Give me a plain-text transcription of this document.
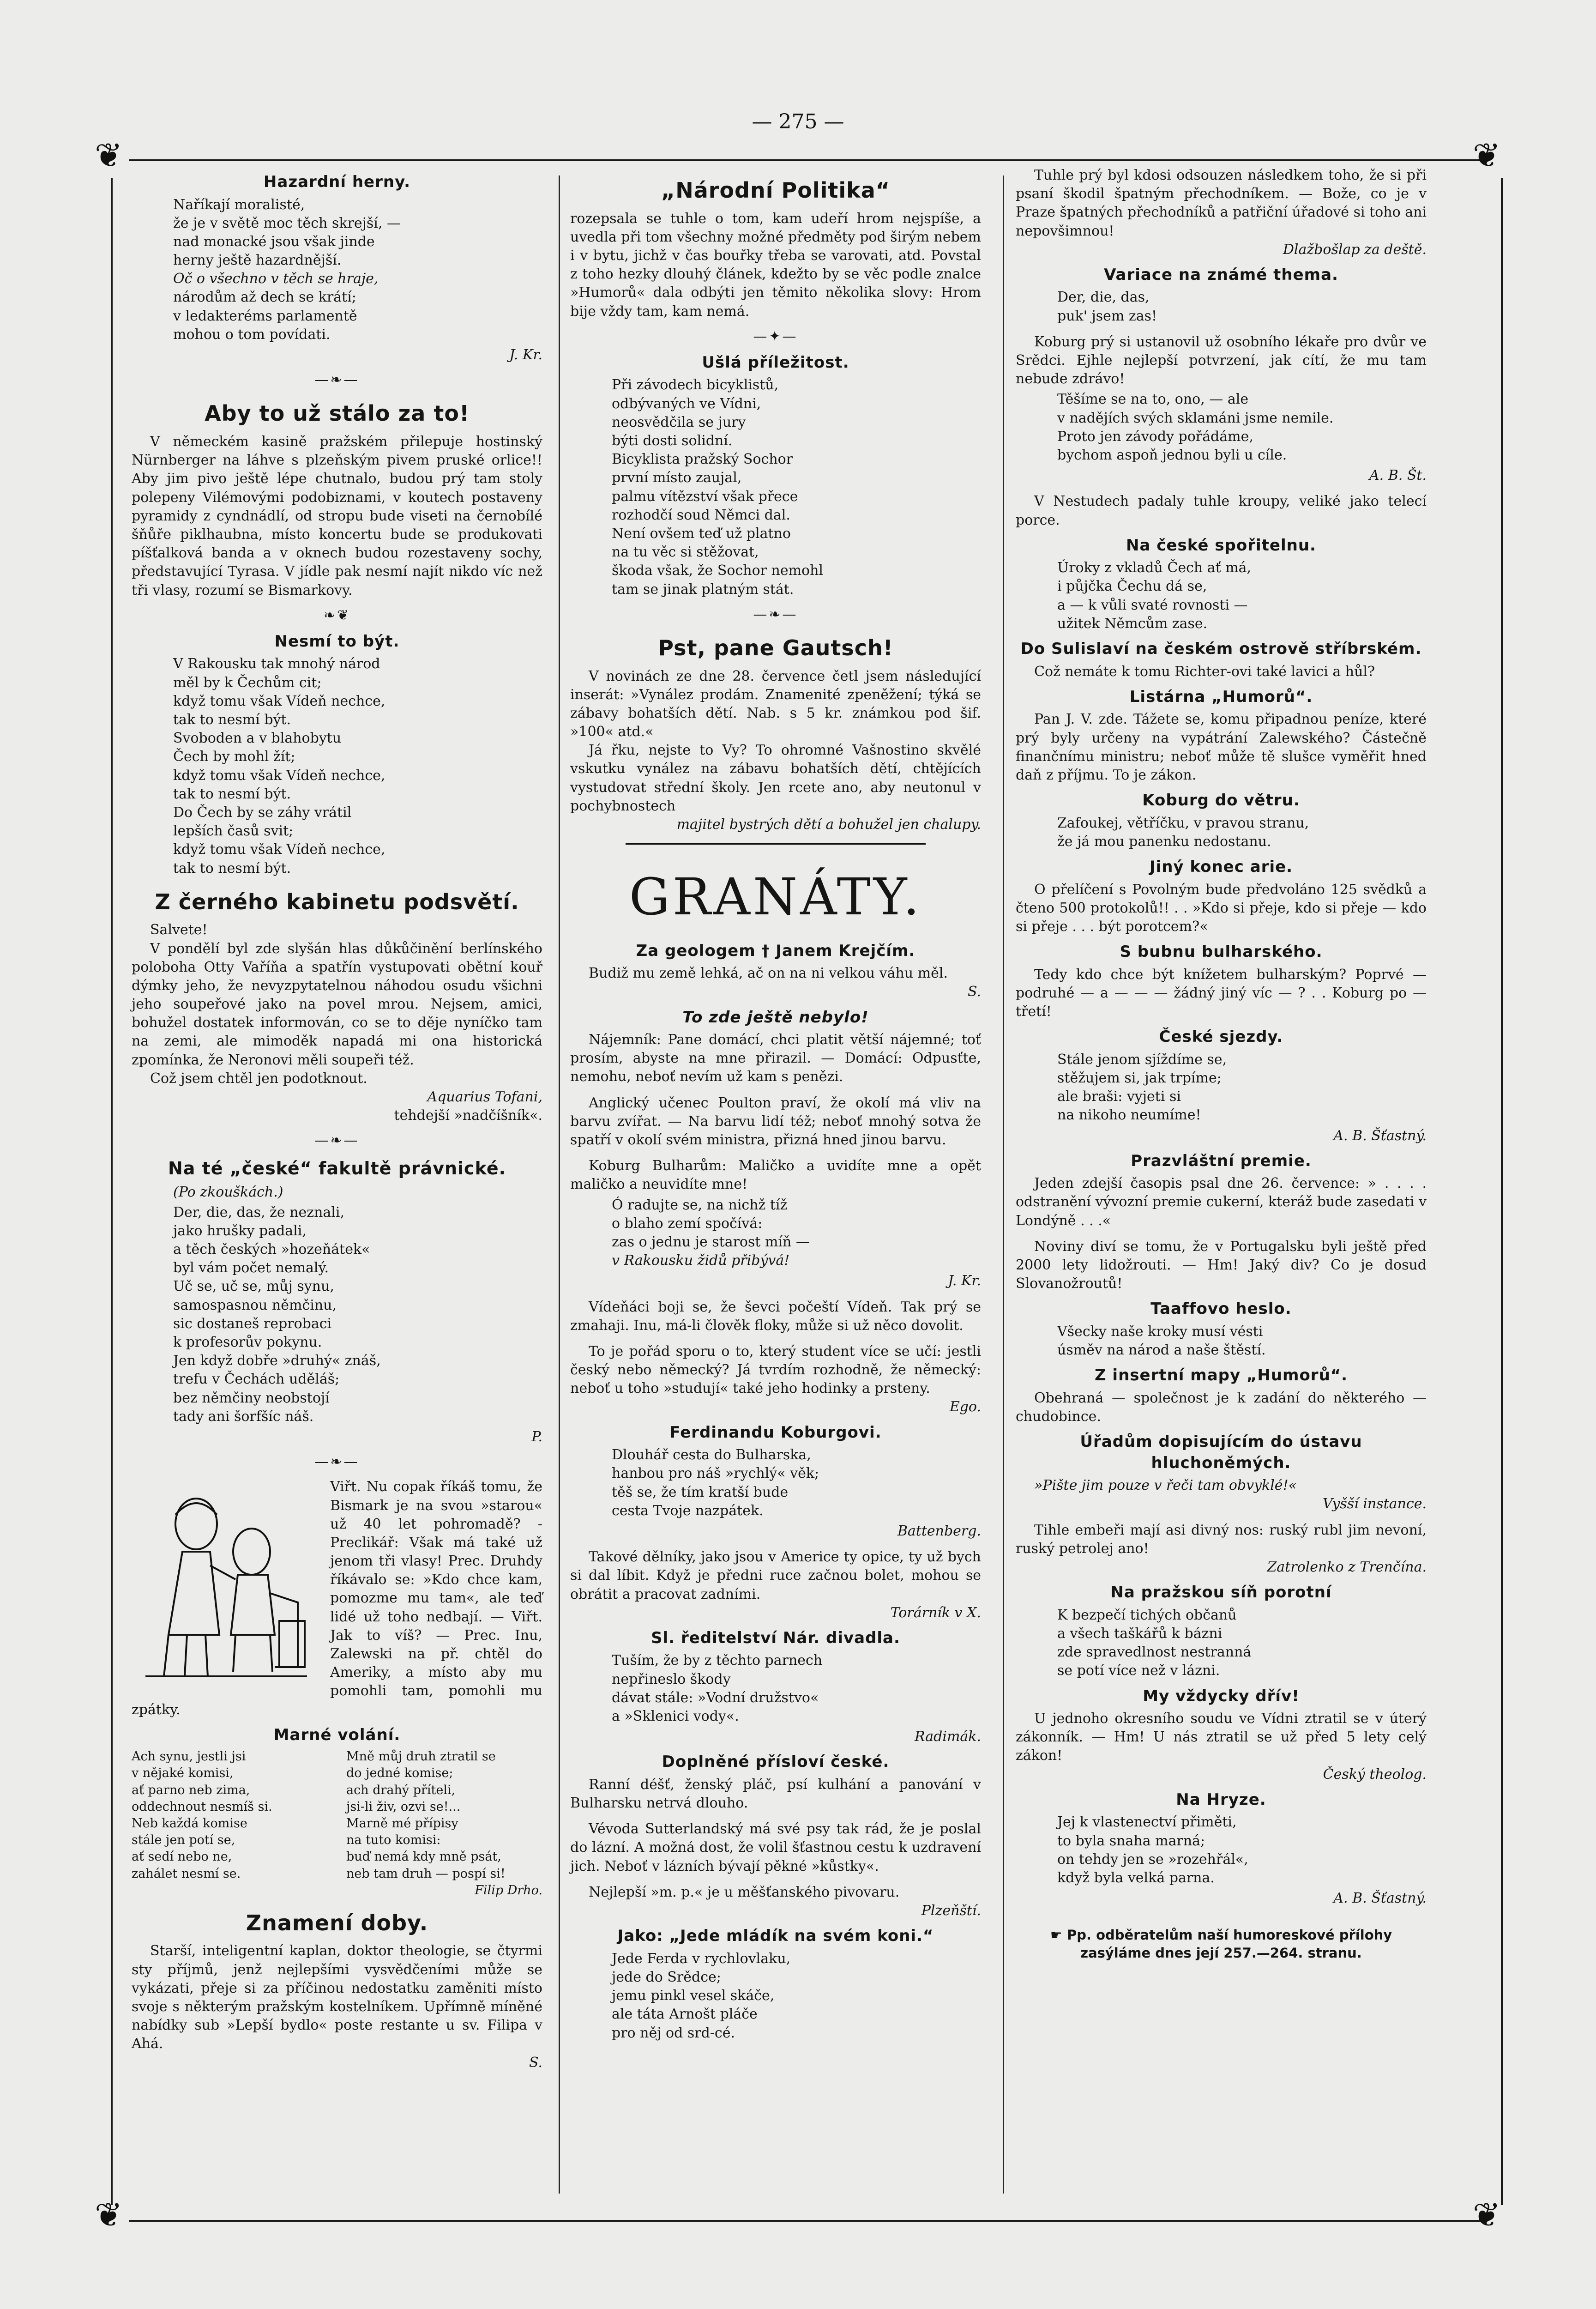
— 275 —
❦	❦
❦	❦
Hazardní herny.
Naříkají moralisté,
že je v světě moc těch skrejší, —
nad monacké jsou však jinde
herny ještě hazardnější.
Oč o všechno v těch se hraje,
národům až dech se krátí;
v ledakteréms parlamentě
mohou o tom povídati.

J. Kr.

—❧—
Aby to už stálo za to!

V německém kasině pražském přilepuje hostinský Nürnberger na láhve s plzeňským pivem pruské orlice!! Aby jim pivo ještě lépe chutnalo, budou prý tam stoly polepeny Vilémovými podobiznami, v koutech postaveny pyramidy z cyndnádlí, od stropu bude viseti na černobílé šňůře piklhaubna, místo koncertu bude se produkovati píšťalková banda a v oknech budou rozestaveny sochy, představující Tyrasa. V jídle pak nesmí najít nikdo víc než tři vlasy, rozumí se Bismarkovy.

❧❦
Nesmí to být.
V Rakousku tak mnohý národ
měl by k Čechům cit;
když tomu však Vídeň nechce,
tak to nesmí být.
Svoboden a v blahobytu
Čech by mohl žít;
když tomu však Vídeň nechce,
tak to nesmí být.
Do Čech by se záhy vrátil
lepších časů svit;
když tomu však Vídeň nechce,
tak to nesmí být.
Z černého kabinetu podsvětí.

Salvete!

V pondělí byl zde slyšán hlas důkůčinění berlínského poloboha Otty Vaříňa a spatřín vystupovati obětní kouř dýmky jeho, že nevyzpytatelnou náhodou osudu všichni jeho soupeřové jako na povel mrou. Nejsem, amici, bohužel dostatek informován, co se to děje nyníčko tam na zemi, ale mimoděk napadá mi ona historická zpomínka, že Neronovi měli soupeři též.

Což jsem chtěl jen podotknout.

Aquarius Tofani,

tehdejší »nadčíšník«.

—❧—
Na té „české“ fakultě právnické.

(Po zkouškách.)

Der, die, das, že neznali,
jako hrušky padali,
a těch českých »hozeňátek«
byl vám počet nemalý.
Uč se, uč se, můj synu,
samospasnou němčinu,
sic dostaneš reprobaci
k profesorův pokynu.
Jen když dobře »druhý« znáš,
trefu v Čechách uděláš;
bez němčiny neobstojí
tady ani šorfšíc náš.

P.

—❧—

Viřt. Nu copak říkáš tomu, že Bismark je na svou »starou« už 40 let pohromadě? - Preclikář: Však má také už jenom tři vlasy! Prec. Druhdy říkávalo se: »Kdo chce kam, pomozme mu tam«, ale teď lidé už toho nedbají. — Viřt. Jak to víš? — Prec. Inu, Zalewski na př. chtěl do Ameriky, a místo aby mu pomohli tam, pomohli mu zpátky.

Marné volání.
Ach synu, jestli jsi
v nějaké komisi,
ať parno neb zima,
oddechnout nesmíš si.
Neb každá komise
stále jen potí se,
ať sedí nebo ne,
zahálet nesmí se.
Mně můj druh ztratil se
do jedné komise;
ach drahý příteli,
jsi-li živ, ozvi se!...
Marně mé přípisy
na tuto komisi:
buď nemá kdy mně psát,
neb tam druh — pospí si!
Filip Drho.
Znamení doby.

Starší, inteligentní kaplan, doktor theologie, se čtyrmi sty příjmů, jenž nejlepšími vysvědčeními může se vykázati, přeje si za příčinou nedostatku zaměniti místo svoje s některým pražským kostelníkem. Upřímně míněné nabídky sub »Lepší bydlo« poste restante u sv. Filipa v Ahá.

S.

„Národní Politika“

rozepsala se tuhle o tom, kam udeří hrom nejspíše, a uvedla při tom všechny možné předměty pod širým nebem i v bytu, jichž v čas bouřky třeba se varovati, atd. Povstal z toho hezky dlouhý článek, kdežto by se věc podle znalce »Humorů« dala odbýti jen těmito několika slovy: Hrom bije vždy tam, kam nemá.

—✦—
Ušlá příležitost.
Při závodech bicyklistů,
odbývaných ve Vídni,
neosvědčila se jury
býti dosti solidní.
Bicyklista pražský Sochor
první místo zaujal,
palmu vítězství však přece
rozhodčí soud Němci dal.
Není ovšem teď už platno
na tu věc si stěžovat,
škoda však, že Sochor nemohl
tam se jinak platným stát.
—❧—
Pst, pane Gautsch!

V novinách ze dne 28. července četl jsem následující inserát: »Vynález prodám. Znamenité zpeněžení; týká se zábavy bohatších dětí. Nab. s 5 kr. známkou pod šif. »100« atd.«

Já řku, nejste to Vy? To ohromné Vašnostino skvělé vskutku vynález na zábavu bohatších dětí, chtějících vystudovat střední školy. Jen rcete ano, aby neutonul v pochybnostech

majitel bystrých dětí a bohužel jen chalupy.

GRANÁTY.
Za geologem † Janem Krejčím.

Budiž mu země lehká, ač on na ni velkou váhu měl.

S.

To zde ještě nebylo!

Nájemník: Pane domácí, chci platit větší nájemné; toť prosím, abyste na mne přirazil. — Domácí: Odpusťte, nemohu, neboť nevím už kam s penězi.

Anglický učenec Poulton praví, že okolí má vliv na barvu zvířat. — Na barvu lidí též; neboť mnohý sotva že spatří v okolí svém ministra, přizná hned jinou barvu.

Koburg Bulharům: Maličko a uvidíte mne a opět maličko a neuvidíte mne!

Ó radujte se, na nichž tíž
o blaho zemí spočívá:
zas o jednu je starost míň —
v Rakousku židů přibývá!

J. Kr.

Vídeňáci boji se, že ševci počeští Vídeň. Tak prý se zmahaji. Inu, má-li člověk floky, může si už něco dovolit.

To je pořád sporu o to, který student více se učí: jestli český nebo německý? Já tvrdím rozhodně, že německý: neboť u toho »studují« také jeho hodinky a prsteny.

Ego.

Ferdinandu Koburgovi.
Dlouhář cesta do Bulharska,
hanbou pro náš »rychlý« věk;
těš se, že tím kratší bude
cesta Tvoje nazpátek.

Battenberg.

Takové dělníky, jako jsou v Americe ty opice, ty už bych si dal líbit. Když je předni ruce začnou bolet, mohou se obrátit a pracovat zadními.

Torárník v X.

Sl. ředitelství Nár. divadla.
Tuším, že by z těchto parnech
nepřineslo škody
dávat stále: »Vodní družstvo«
a »Sklenici vody«.

Radimák.

Doplněné přísloví české.

Ranní déšť, ženský pláč, psí kulhání a panování v Bulharsku netrvá dlouho.

Vévoda Sutterlandský má své psy tak rád, že je poslal do lázní. A možná dost, že volil šťastnou cestu k uzdravení jich. Neboť v lázních bývají pěkné »kůstky«.

Nejlepší »m. p.« je u měšťanského pivovaru.

Plzeňští.

Jako: „Jede mládík na svém koni.“
Jede Ferda v rychlovlaku,
jede do Srědce;
jemu pinkl vesel skáče,
ale táta Arnošt pláče
pro něj od srd-cé.

Tuhle prý byl kdosi odsouzen následkem toho, že si při psaní škodil špatným přechodníkem. — Bože, co je v Praze špatných přechodníků a patřiční úřadové si toho ani nepovšimnou!

Dlažbošlap za deště.

Variace na známé thema.
Der, die, das,
puk' jsem zas!

Koburg prý si ustanovil už osobního lékaře pro dvůr ve Srědci. Ejhle nejlepší potvrzení, jak cítí, že mu tam nebude zdrávo!

Těšíme se na to, ono, — ale
v nadějích svých sklamáni jsme nemile.
Proto jen závody pořádáme,
bychom aspoň jednou byli u cíle.

A. B. Št.

V Nestudech padaly tuhle kroupy, veliké jako telecí porce.

Na české spořitelnu.
Úroky z vkladů Čech ať má,
i půjčka Čechu dá se,
a — k vůli svaté rovnosti —
užitek Němcům zase.
Do Sulislaví na českém ostrově stříbrském.

Což nemáte k tomu Richter-ovi také lavici a hůl?

Listárna „Humorů“.

Pan J. V. zde. Tážete se, komu připadnou peníze, které prý byly určeny na vypátrání Zalewského? Částečně finančnímu ministru; neboť může tě slušce vyměřit hned daň z příjmu. To je zákon.

Koburg do větru.
Zafoukej, větříčku, v pravou stranu,
že já mou panenku nedostanu.
Jiný konec arie.

O přelíčení s Povolným bude předvoláno 125 svědků a čteno 500 protokolů!! . . »Kdo si přeje, kdo si přeje — kdo si přeje . . . být porotcem?«

S bubnu bulharského.

Tedy kdo chce být knížetem bulharským? Poprvé — podruhé — a — — — žádný jiný víc — ? . . Koburg po — třetí!

České sjezdy.
Stále jenom sjíždíme se,
stěžujem si, jak trpíme;
ale braši: vyjeti si
na nikoho neumíme!

A. B. Šťastný.

Prazvláštní premie.

Jeden zdejší časopis psal dne 26. července: » . . . . odstranění vývozní premie cukerní, kteráž bude zasedati v Londýně . . .«

Noviny diví se tomu, že v Portugalsku byli ještě před 2000 lety lidožrouti. — Hm! Jaký div? Co je dosud Slovanožroutů!

Taaffovo heslo.
Všecky naše kroky musí vésti
úsměv na národ a naše štěstí.
Z insertní mapy „Humorů“.

Obehraná — společnost je k zadání do některého — chudobince.

Úřadům dopisujícím do ústavu hluchoněmých.

»Pište jim pouze v řeči tam obvyklé!«

Vyšší instance.

Tihle embeři mají asi divný nos: ruský rubl jim nevoní, ruský petrolej ano!

Zatrolenko z Trenčína.

Na pražskou síň porotní
K bezpečí tichých občanů
a všech taškářů k bázni
zde spravedlnost nestranná
se potí více než v lázni.
My vždycky dřív!

U jednoho okresního soudu ve Vídni ztratil se v úterý zákonník. — Hm! U nás ztratil se už před 5 lety celý zákon!

Český theolog.

Na Hryze.
Jej k vlastenectví přiměti,
to byla snaha marná;
on tehdy jen se »rozehřál«,
když byla velká parna.

A. B. Šťastný.

☛ Pp. odběratelům naší humoreskové přílohy zasýláme dnes její 257.—264. stranu.
